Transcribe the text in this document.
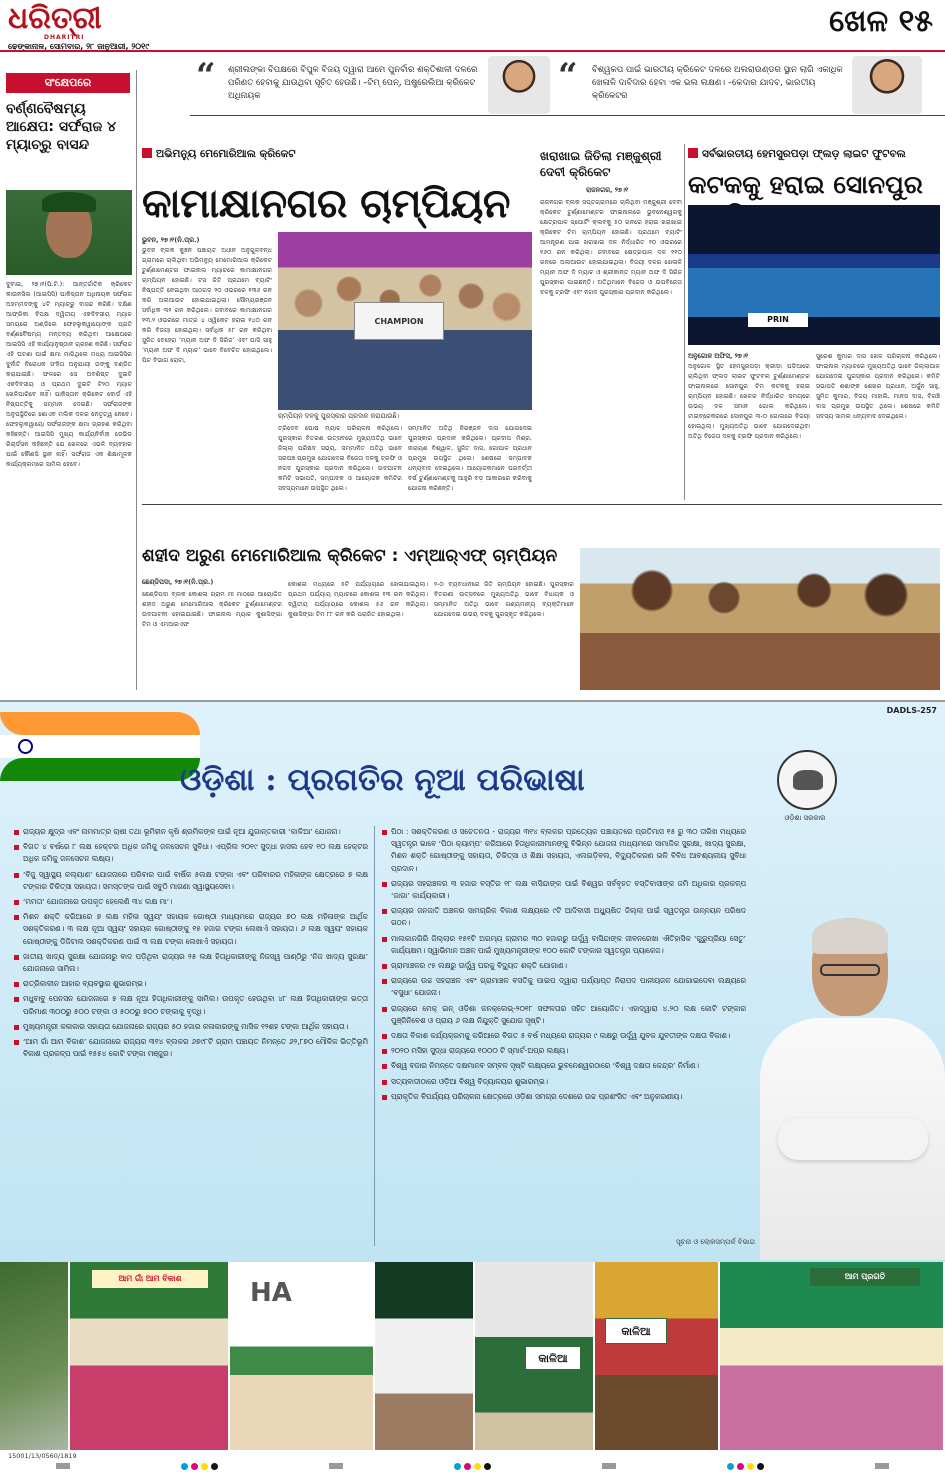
ଧରିତ୍ରୀ
DHARITRI
ଢେଙ୍କାନାଳ, ସୋମବାର, ୨୮ ଜାନୁଆରୀ, ୨୦୧୯
ଖେଳ ୧୫
“ ଶ୍ରୀଲଙ୍କା ବିପକ୍ଷରେ ବିପୁଳ ବିଜୟ ଦ୍ୱାରା ଆମେ ପୁନର୍ବାର ଶକ୍ତିଶାଳୀ ଦଳରେ ପରିଣତ ହେବାକୁ ଯାଉଥିବା ସୂଚିତ ହେଉଛି। –ଟିମ୍ ପେନ୍, ଅଷ୍ଟ୍ରେଲିଆ କ୍ରିକେଟ ଅଧିନାୟକ	“ ବିଶ୍ୱକପ ପାଇଁ ଭାରତୀୟ କ୍ରିକେଟ ଦଳରେ ଅଲରାଉଣ୍ଡର ସ୍ଥାନ ଲାଗି ଏକାଧିକ ଖେଳାଳି ଦାବିଦାର ହେବା ଏକ ଭଲ ଲକ୍ଷଣ। –କେଦାର ଯାଦବ, ଭାରତୀୟ କ୍ରିକେଟର
ସଂକ୍ଷେପରେ
ବର୍ଣ୍ଣବୈଷମ୍ୟ ଆକ୍ଷେପ: ସର୍ଫରାଜ ୪ ମ୍ୟାଚ୍‌ରୁ ବାସନ୍ଦ
ଦୁବାଇ, ୨୭।୧(ପି.ଟି.): ଆନ୍ତର୍ଜାତିକ କ୍ରିକେଟ କାଉନସିଲ (ଆଇସିସି) ପାକିସ୍ତାନ ଅଧିନାୟକ ସର୍ଫରାଜ ଅହମ୍ମଦଙ୍କୁ ୪ଟି ମ୍ୟାଚ୍‌ରୁ ବାସନ୍ଦ କରିଛି। ଦକ୍ଷିଣ ଆଫ୍ରିକା ବିପକ୍ଷ ଦ୍ୱିତୀୟ ଏକଦିବସୀୟ ମ୍ୟାଚ ସମୟରେ ଅଣ୍ଡିଲେ ଫେହଲୁକୱାୟୋଙ୍କ ପ୍ରତି ବର୍ଣ୍ଣବୈଷମ୍ୟ ମନ୍ତବ୍ୟ କରିଥିବା ଆକ୍ଷେପରେ ଆଇସିସି ଏହି କାର୍ଯ୍ୟାନୁଷ୍ଠାନ ଗ୍ରହଣ କରିଛି। ସର୍ଫରାଜ ଏହି ଘଟଣା ପାଇଁ କ୍ଷମା ମାଗିଥିଲେ ମଧ୍ୟ ଆଇସିସିର ଦୁର୍ନୀତି ନିରୋଧକ ସଂହିତା ଅନୁଯାୟୀ ତାଙ୍କୁ ଦଣ୍ଡିତ କରାଯାଇଛି। ଫଳରେ ସେ ଅବଶିଷ୍ଟ ଦୁଇଟି ଏକଦିବସୀୟ ଓ ପ୍ରଥମ ଦୁଇଟି ଟି୨୦ ମ୍ୟାଚ ଖେଳିପାରିବେ ନାହିଁ। ପାକିସ୍ତାନ କ୍ରିକେଟ ବୋର୍ଡ ଏହି ନିଷ୍ପତ୍ତିକୁ ସମ୍ମାନ ଦେଇଛି। ସର୍ଫରାଜଙ୍କ ଅନୁପସ୍ଥିତିରେ ଶୋଏବ ମଲିକ ଦଳର ନେତୃତ୍ୱ ନେବେ। ଫେହଲୁକୱାୟୋ ସର୍ଫରାଜଙ୍କ କ୍ଷମା ଗ୍ରହଣ କରିଥିବା କହିଛନ୍ତି। ଆଇସିସି ମୁଖ୍ୟ କାର୍ଯ୍ୟନିର୍ବାହୀ ଡେଭିଡ ରିଚାର୍ଡସନ କହିଛନ୍ତି ଯେ ଖେଳରେ ଏଭଳି ବ୍ୟବହାର ପାଇଁ କୌଣସି ସ୍ଥାନ ନାହିଁ। ସର୍ଫରାଜ ଏକ ଶିକ୍ଷାମୂଳକ କାର୍ଯ୍ୟକ୍ରମରେ ସାମିଲ ହେବେ।
ଅଭିମନ୍ୟୁ ମେମୋରିଆଲ କ୍ରିକେଟ
କାମାକ୍ଷାନଗର ଚାମ୍ପିୟନ
ଭୁବନ, ୨୭।୧(ନି.ପ୍ର.)
ଭୁବନ ବ୍ଲକ କୁଞ୍ଚନ ପଞ୍ଚାୟତ ଅଧୀନ ଅନୁଗୁଳବନ୍ଧ ଗ୍ରାମରେ ଚାଲିଥିବା ଅଭିମନ୍ୟୁ ମେମୋରିଆଲ କ୍ରିକେଟ ଟୁର୍ଣ୍ଣାମେଣ୍ଟର ଫାଇନାଲ ମ୍ୟାଚରେ କାମାକ୍ଷାନଗର ଚାମ୍ପିୟନ ହୋଇଛି। ଟସ ଜିତି ପ୍ରଥମେ ବ୍ୟାଟିଂ ନିଷ୍ପତ୍ତି ନେଇଥିବା ଆଠଗଡ଼ ୨୦ ଓଭରରେ ୧୩୬ ରନ କରି ଅଲଆଉଟ ହୋଇଯାଇଥିଲା। ସୌମ୍ୟରଞ୍ଜନ ସର୍ବାଧିକ ୩୨ ରନ କରିଥିଲେ। ଜବାବରେ କାମାକ୍ଷାନଗର ୧୩.୨ ଓଭରରେ ମାତ୍ର ୪ ଓ୍ୱିକେଟ ହରାଇ ୧୪୦ ରନ କରି ବିଜୟୀ ହୋଇଥିଲା। ସର୍ବାଧିକ ୫୮ ରନ କରିଥିବା ସୁଜିତ ବେହେରା ‘ମ୍ୟାନ ଅଫ ଦି ସିରିଜ’ ଏବଂ ଘାସି ସାହୁ ‘ମ୍ୟାନ ଅଫ ଦି ମ୍ୟାଚ’ ଭାବେ ବିବେଚିତ ହୋଇଥିଲେ। ପିଚ ବିଭାଗ ରୋଟା,
CHAMPION
ଚାମ୍ପିୟନ ଦଳକୁ ପୁରସ୍କାର ପ୍ରଦାନ କରାଯାଉଛି।
ତ୍ରିଦେବ ଘୋଷ ମ୍ୟାଚ ପରିଚାଳନା କରିଥିଲେ। ପୁରସ୍କାର ବିତରଣ ଉତ୍ସବରେ ମୁଖ୍ୟଅତିଥି ଭାବେ ଜିଲ୍ଲା ପରିଷଦ ସଭ୍ୟ, ସମ୍ମାନିତ ଅତିଥି ଭାବେ ସରପଞ୍ଚ ପ୍ରମୁଖ ଯୋଗଦେଇ ବିଜେତା ଦଳକୁ ଟ୍ରଫି ଓ ନଗଦ ପୁରସ୍କାର ପ୍ରଦାନ କରିଥିଲେ। ଉଦଘାଟନ କମିଟି ସଭାପତି, ସମ୍ପାଦକ ଓ ଆୟୋଜକ କମିଟିର ସଦସ୍ୟମାନେ ଉପସ୍ଥିତ ଥିଲେ।
ସମ୍ମାନିତ ଅତିଥି ନିରଞ୍ଜନ ଦାସ ଯୋଗଦେଇ ପୁରସ୍କାର ପ୍ରଦାନ କରିଥିଲେ। ପ୍ରଦୀପ ମିଶ୍ର, ନାରାୟଣ ବିଶ୍ୱାଳ, ସୁଜିତ ଦାସ, ଗୋପାଳ ପ୍ରଧାନ ପ୍ରମୁଖ ଉପସ୍ଥିତ ଥିଲେ। ଶେଷରେ ସମ୍ପାଦକ ଧନ୍ୟବାଦ ଦେଇଥିଲେ। ଆୟୋଜକମାନେ ପରବର୍ତ୍ତୀ ବର୍ଷ ଟୁର୍ଣ୍ଣାମେଣ୍ଟକୁ ଆହୁରି ବଡ଼ ଆକାରରେ କରିବାକୁ ଯୋଜନା କରିଛନ୍ତି।
ଖରାଖାଇ ଜିତିଲା ମଞ୍ଜୁଶ୍ରୀ ଦେବୀ କ୍ରିକେଟ
ରାଜନଗର, ୨୭।୧
ରାଜନଗର ବ୍ଲକ ସପ୍ତଗ୍ରାମରେ ଚାଲିଥିବା ମଞ୍ଜୁଶ୍ରୀ ଦେବୀ କ୍ରିକେଟ ଟୁର୍ଣ୍ଣାମେଣ୍ଟର ଫାଇନାଲରେ ଭୁବନେଶ୍ୱରକୁ କ୍ଷେତ୍ରପାଳ ସ୍ପୋର୍ଟିଂ କ୍ଲବକୁ ୫୦ ରନରେ ହରାଇ ଖରାଖାଇ କ୍ରିକେଟ ଟିମ ଚାମ୍ପିୟନ ହୋଇଛି। ପ୍ରଥମେ ବ୍ୟାଟିଂ ଆମନ୍ତ୍ରଣ ପାଇ ଖରାଖାଇ ଦଳ ନିର୍ଦ୍ଧାରିତ ୨୦ ଓଭରରେ ୧୬୦ ରନ କରିଥିଲା। ଜବାବରେ କ୍ଷେତ୍ରପାଳ ଦଳ ୧୧୦ ରନରେ ଅଲଆଉଟ ହୋଇଯାଇଥିଲା। ବିଜୟୀ ଦଳର ଖେଳାଳି ମ୍ୟାନ ଅଫ ଦି ମ୍ୟାଚ ଓ ଶ୍ରୀକାନ୍ତ ମ୍ୟାନ ଅଫ ଦି ସିରିଜ ପୁରସ୍କାର ପାଇଛନ୍ତି। ଅତିଥିମାନେ ବିଜେତା ଓ ଉପବିଜେତା ଦଳକୁ ଟ୍ରଫି ଏବଂ ନଗଦ ପୁରସ୍କାର ପ୍ରଦାନ କରିଥିଲେ।
ସର୍ବଭାରତୀୟ ହେମସୁରପଡ଼ା ଫ୍ଲଡ଼ ଲାଇଟ ଫୁଟବଲ
କଟକକୁ ହରାଇ ସୋନପୁର
PRIN
ଅନୁଗୋଳ ଅଫିସ, ୨୭।୧
ଅନୁଗୋଳ ସ୍ଥିତ ହେମସୁରପଡ଼ା କ୍ରୀଡ଼ା ପଡ଼ିଆରେ ଚାଲିଥିବା ଫ୍ଲଡ଼ ଲାଇଟ ଫୁଟବଲ ଟୁର୍ଣ୍ଣାମେଣ୍ଟର ଫାଇନାଲରେ ସୋନପୁର ଟିମ କଟକକୁ ହରାଇ ଚାମ୍ପିୟନ ହୋଇଛି। ଖେଳର ନିର୍ଦ୍ଧାରିତ ସମୟରେ ଉଭୟ ଦଳ ସମାନ ଗୋଲ କରିଥିଲେ। ଟାଇବ୍ରେକରରେ ସୋନପୁର ୩-୦ ଗୋଲରେ ବିଜୟୀ ହୋଇଥିଲା। ମୁଖ୍ୟଅତିଥି ଭାବେ ଯୋଗଦେଇଥିବା ଅତିଥି ବିଜେତା ଦଳକୁ ଟ୍ରଫି ପ୍ରଦାନ କରିଥିଲେ।
ସୁରେଶ କୁମାର ଦାସ ଖେଳ ପରିଚାଳନା କରିଥିଲେ। ଫାଇନାଲ ମ୍ୟାଚରେ ମୁଖ୍ୟଅତିଥି ଭାବେ ଜିଲ୍ଲାପାଳ ଯୋଗଦେଇ ପୁରସ୍କାର ପ୍ରଦାନ କରିଥିଲେ। କମିଟି ସଭାପତି ଶଶାଙ୍କ ଶେଖର ପ୍ରଧାନ, ଅର୍ଜୁନ ସାହୁ, ସୁମିତ କୁମାର, ବିଜୟ ମାହାଲି, ମାନସ ଦାସ, ବିରଞ୍ଚି ଦାସ ପ୍ରମୁଖ ଉପସ୍ଥିତ ଥିଲେ। ଶେଷରେ କମିଟି ସଦସ୍ୟ ସାମଲ ଧନ୍ୟବାଦ ଦେଇଥିଲେ।
ଶହୀଦ ଅରୁଣ ମେମୋରିଆଲ କ୍ରିକେଟ : ଏମ୍‌ଆର୍‌ଏଫ୍ ଚାମ୍ପିୟନ
ଛେଣ୍ଡିପଦା, ୨୭।୧(ନି.ପ୍ର.)
ଛେଣ୍ଡିପଦା ବ୍ଲକ କୋଶଳା ଗ୍ରାମ ମୀ ମାଠରେ ଆୟୋଜିତ ଶହୀଦ ଅରୁଣ ମେମୋରିଆଲ କ୍ରିକେଟ ଟୁର୍ଣ୍ଣାମେଣ୍ଟର ଉଦଘାଟନୀ ହୋଇଯାଇଛି। ଫାଇନାଲ ମ୍ୟାଚ କୁଶାସିଙ୍ଗା ଟିମ ଓ ଏମଆରଏଫ
କୋଶଳା ମଧ୍ୟରେ ୫ଟି ପର୍ଯ୍ୟାୟରେ ଖେଳାଯାଇଥିଲା। ପ୍ରଥମ ପର୍ଯ୍ୟାୟ ମ୍ୟାଚରେ କୋଶଳା ୧୩ ରନ କରିଥିଲା। ଦ୍ୱିତୀୟ ପର୍ଯ୍ୟାୟରେ କୋଶଳା ୫୬ ରନ କରିଥିଲା। କୁଶାସିଙ୍ଗା ଟିମ ୮୮ ରନ କରି ପରାଜିତ ହୋଇଥିଲା।
୨-୦ ବ୍ୟବଧାନରେ ଜିତି ଚାମ୍ପିୟନ ହୋଇଛି। ପୁରସ୍କାର ବିତରଣୀ ଉତ୍ସବରେ ମୁଖ୍ୟଅତିଥି ଭାବେ ବିଧାୟକ ଓ ସମ୍ମାନିତ ଅତିଥି ଭାବେ ଗଣ୍ୟମାନ୍ୟ ବ୍ୟକ୍ତିମାନେ ଯୋଗଦେଇ ଉଭୟ ଦଳକୁ ପୁରସ୍କୃତ କରିଥିଲେ।
DADLS-257
ଓଡ଼ିଶା : ପ୍ରଗତିର ନୂଆ ପରିଭାଷା
ଓଡ଼ିଶା ସରକାର
ରାଜ୍ୟର କ୍ଷୁଦ୍ର ଏବଂ ନାମମାତ୍ର ଚାଷୀ ତଥା ଭୂମିହୀନ କୃଷି ଶ୍ରମିକଙ୍କ ପାଇଁ ନୂଆ ଯୁଗାନ୍ତକାରୀ ‘କାଳିଆ’ ଯୋଜନା।
ବିଗତ ୪ ବର୍ଷରେ ୮ ଲକ୍ଷ ହେକ୍ଟର ଅଧିକ ଜମିକୁ ଜଳସେଚନ ସୁବିଧା। ଏପ୍ରିଲ ୨୦୧୯ ସୁଦ୍ଧା ହାସଲ ହେବ ୧୦ ଲକ୍ଷ ହେକ୍ଟର ଅଧିକ ଜମିକୁ ଜଳସେଚନ ଲକ୍ଷ୍ୟ।
‘ବିଜୁ ସ୍ୱାସ୍ଥ୍ୟ କଲ୍ୟାଣ’ ଯୋଜନାରେ ପରିବାର ପାଇଁ ବାର୍ଷିକ ୫ଲକ୍ଷ ଟଙ୍କା ଏବଂ ପରିବାରର ମହିଳାଙ୍କ କ୍ଷେତ୍ରରେ ୭ ଲକ୍ଷ ଟଙ୍କାର ଚିକିତ୍ସା ସହାୟତା। ସମସ୍ତଙ୍କ ପାଇଁ ସବୁଠି ମାଗଣା ସ୍ୱାସ୍ଥ୍ୟସେବା।
‘ମମତା’ ଯୋଜନାରେ ଉପକୃତ ହେଲେଣି ୩୪ ଲକ୍ଷ ମା’।
ମିଶନ ଶକ୍ତି କରିଆରେ ୭ ଲକ୍ଷ ମହିଳା ସ୍ୱୟଂ ସହାୟକ ଗୋଷ୍ଠୀ ମାଧ୍ୟମରେ ରାଜ୍ୟର ୭୦ ଲକ୍ଷ ମହିଳାଙ୍କ ଆର୍ଥିକ ସଶକ୍ତିକରଣ। ୩ ଲକ୍ଷ ନୂଆ ସ୍ୱୟଂ ସହାୟକ ଗୋଷ୍ଠୀଙ୍କୁ ୧୫ ହଜାର ଟଙ୍କା ଲେଖାଏଁ ସହାୟତା। ୬ ଲକ୍ଷ ସ୍ୱୟଂ ସହାୟକ ଗୋଷ୍ଠୀଙ୍କୁ ଡିଜିଟାଲ ସଶକ୍ତିକରଣ ପାଇଁ ୩ ଲକ୍ଷ ଟଙ୍କା ଲେଖାଏଁ ସହାୟତା।
ଜାତୀୟ ଖାଦ୍ୟ ସୁରକ୍ଷା ଯୋଜନାରୁ ବାଦ ପଡ଼ିଥିବା ରାଜ୍ୟର ୨୫ ଲକ୍ଷ ହିତାଧିକାରୀଙ୍କୁ ନିଜସ୍ୱ ପାଣ୍ଠିରୁ ‘ନିଜ ଖାଦ୍ୟ ସୁରକ୍ଷା’ ଯୋଜନାରେ ସାମିଲ।
ରାତ୍ରିକାଳୀନ ଆହାର ବ୍ୟବସ୍ଥାର ଶୁଭାରମ୍ଭ।
ମଧୁବାବୁ ପେନସନ ଯୋଜନାରେ ୫ ଲକ୍ଷ ନୂଆ ହିତାଧିକାରୀଙ୍କୁ ସାମିଲ। ଉପକୃତ ହେଉଥିବା ୪୮ ଲକ୍ଷ ହିତାଧିକାରୀଙ୍କ ଭତ୍ତା ପରିମାଣ ୩୦୦ରୁ ୫୦୦ ଟଙ୍କା ଓ ୫୦୦ରୁ ୭୦୦ ଟଙ୍କାକୁ ବୃଦ୍ଧି।
ମୁଖ୍ୟମନ୍ତ୍ରୀ କଳାକାର ସହାୟତା ଯୋଜନାରେ ରାଜ୍ୟର ୫୦ ହଜାର କଳାକାରଙ୍କୁ ମାସିକ ୧୨ଶହ ଟଙ୍କା ଆର୍ଥିକ ସହାୟତା।
‘ଆମ ଗାଁ ଆମ ବିକାଶ’ ଯୋଜନାରେ ରାଜ୍ୟର ୩୧୪ ବ୍ଲକର ୬୭୯୮ଟି ଗ୍ରାମ ପଞ୍ଚାୟତ ନିମନ୍ତେ ୬୨,୮୭୦ ମୌଳିକ ଭିତ୍ତିଭୂମି ବିକାଶ ପ୍ରକଳ୍ପ ପାଇଁ ୧୫୫୪ କୋଟି ଟଙ୍କା ମଞ୍ଜୁର।
ପିଠା : ସଶକ୍ତିକରଣ ଓ ସଚେତନତା - ରାଜ୍ୟର ୩୧୪ ବ୍ଲକର ପ୍ରତ୍ୟେକ ପଞ୍ଚାୟତରେ ପ୍ରତିମାସ ୧୫ ରୁ ୩୦ ତାରିଖ ମଧ୍ୟରେ ସ୍ୱତନ୍ତ୍ର ଭାବେ ‘ପିଠା କ୍ୟାମ୍ପ’ କରିଆରେ ହିତାଧିକାରୀମାନଙ୍କୁ ବିଭିନ୍ନ ଯୋଜନା ମାଧ୍ୟମରେ ସାମାଜିକ ସୁରକ୍ଷା, ଖାଦ୍ୟ ସୁରକ୍ଷା, ମିଶନ ଶକ୍ତି ଗୋଷ୍ଠୀଙ୍କୁ ସହାୟତା, ଚିକିତ୍ସା ଓ ଶିକ୍ଷା ସହାୟତା, ଏଲଇଡ଼ିବଲ, ବିଦ୍ୟୁତିକରଣ ଭଳି ବିବିଧ ଆବଶ୍ୟକୀୟ ସୁବିଧା ପ୍ରଦାନ।
ରାଜ୍ୟର ସହରାଞ୍ଚଳର ୩ ହଜାର ବସ୍ତିର ୧୮ ଲକ୍ଷ ବାସିନ୍ଦାଙ୍କ ପାଇଁ ବିଶ୍ୱର ସର୍ବବୃହତ ବସ୍ତିବାସୀଙ୍କ ଜମି ଅଧିକାର ପ୍ରକଳ୍ପ ‘ଜାଗା’ କାର୍ଯ୍ୟକାରୀ।
ରାଜ୍ୟର ଜନଜାତି ଅଞ୍ଚଳର ସାମଗ୍ରିକ ବିକାଶ ଲକ୍ଷ୍ୟରେ ୯ଟି ଆଦିବାସୀ ଅଧ୍ୟୁଷିତ ଜିଲ୍ଲା ପାଇଁ ସ୍ୱତନ୍ତ୍ର ଉନ୍ନୟନ ପରିଷଦ ଗଠନ।
ମାଲକାନଗିରି ଜିଲ୍ଲାର ୧୫୧ଟି ଅଗମ୍ୟ ଗ୍ରାମର ୩୦ ହଜାରରୁ ଊର୍ଦ୍ଧ୍ୱ ବାସିନ୍ଦାଙ୍କ ଜୀବନରେଖା ଐତିହାସିକ ‘ଗୁରୁପ୍ରିୟା ସେତୁ’ କାର୍ଯ୍ୟକ୍ଷମ। ସ୍ୱାଭିମାନ ଅଞ୍ଚଳ ପାଇଁ ମୁଖ୍ୟମନ୍ତ୍ରୀଙ୍କ ୧୦୦ କୋଟି ଟଙ୍କାର ସ୍ୱତନ୍ତ୍ର ପ୍ୟାକେଜ।
ଗ୍ରାମାଞ୍ଚଳର ୯୫ ଲକ୍ଷରୁ ଊର୍ଦ୍ଧ୍ୱ ଘରକୁ ବିଦ୍ୟୁତ ଶକ୍ତି ଯୋଗାଣ।
ରାଜ୍ୟରେ ଉଚ୍ଚ ସହରାଞ୍ଚଳ ଏବଂ ଗ୍ରାମାଞ୍ଚଳ ବସତିକୁ ପାଇପ ଦ୍ୱାରା ପର୍ଯ୍ୟାପ୍ତ ନିରାପଦ ପାନୀୟଜଳ ଯୋଗାଇଦେବା ଲକ୍ଷ୍ୟରେ ‘ବସୁଧା’ ଯୋଜନା।
ରାଜ୍ୟରେ ମେକ୍ ଇନ୍ ଓଡ଼ିଶା କନକ୍ଲେଭ୍-୨୦୧୮ ସଫଳତାର ସହିତ ଆୟୋଜିତ। ଏହାଦ୍ୱାରା ୪.୨୦ ଲକ୍ଷ କୋଟି ଟଙ୍କାର ପୁଞ୍ଜିନିବେଶ ଓ ପ୍ରାୟ ୬ ଲକ୍ଷ ନିଯୁକ୍ତି ସୁଯୋଗ ସୃଷ୍ଟି।
ଦକ୍ଷତା ବିକାଶ କର୍ଯ୍ୟକ୍ରମକୁ କରିଆରେ ବିଗତ ୫ ବର୍ଷ ମଧ୍ୟରେ ରାଜ୍ୟର ୯ ଲକ୍ଷରୁ ଊର୍ଦ୍ଧ୍ୱ ଯୁବକ ଯୁବତୀଙ୍କ ଦକ୍ଷତା ବିକାଶ।
୨୦୨୦ ମସିହା ସୁଦ୍ଧା ରାଜ୍ୟରେ ୧୦୦୦ ଟି ସ୍ମାର୍ଟ-ଅପ୍‌ର ଲକ୍ଷ୍ୟ।
ବିଶ୍ୱ ବଜାର ନିମନ୍ତେ ଦକ୍ଷମାନବ ସମ୍ବଳ ସୃଷ୍ଟି ଲକ୍ଷ୍ୟରେ ଭୁବନେଶ୍ୱରଠାରେ ‘ବିଶ୍ୱ ଦକ୍ଷତା କେନ୍ଦ୍ର’ ନିର୍ମାଣ।
ସତ୍ୟବାଦୀଠାରେ ଓଡ଼ିଆ ବିଶ୍ୱ ବିଦ୍ୟାଳୟର ଶୁଭାରମ୍ଭ।
ପ୍ରାକୃତିକ ବିପର୍ଯ୍ୟୟ ପରିଚାଳନା କ୍ଷେତ୍ରରେ ଓଡ଼ିଶା ସମଗ୍ର ଦେଶରେ ଉଚ୍ଚ ପ୍ରଶଂସିତ ଏବଂ ଅନୁକରଣୀୟ।
ସୂଚନା ଓ ଲୋକସମ୍ପର୍କ ବିଭାଗ
ଆମ ଗାଁ ଆମ ବିକାଶ	HA
କାଳିଆ
କାଳିଆ
ଆମ ପ୍ରଗତି
15001/13/0560/1819
